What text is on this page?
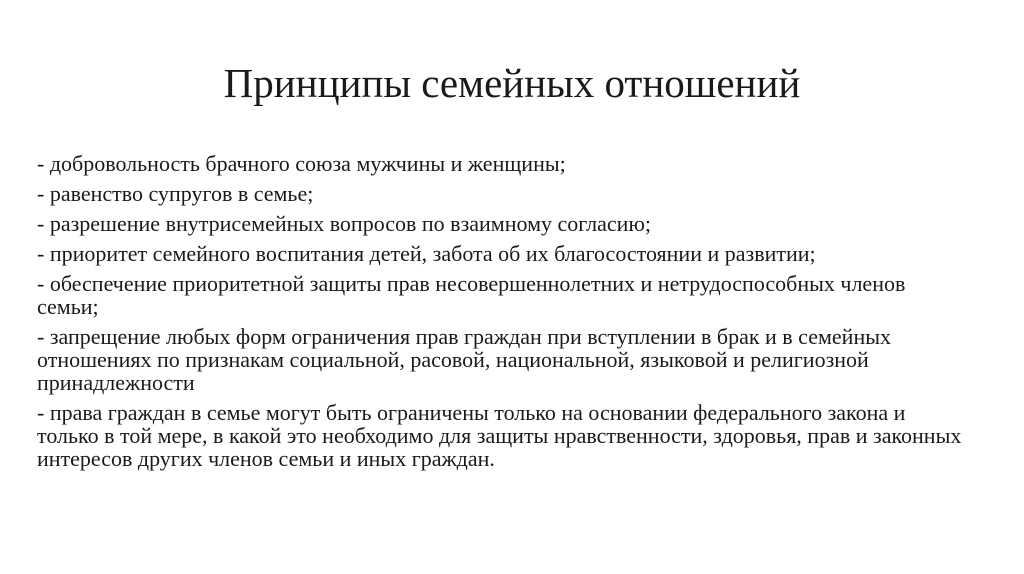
Принципы семейных отношений
- добровольность брачного союза мужчины и женщины;
- равенство супругов в семье;
- разрешение внутрисемейных вопросов по взаимному согласию;
- приоритет семейного воспитания детей, забота об их благосостоянии и развитии;
- обеспечение приоритетной защиты прав несовершеннолетних и нетрудоспособных членов семьи;
- запрещение любых форм ограничения прав граждан при вступлении в брак и в семейных отношениях по признакам социальной, расовой, национальной, языковой и религиозной принадлежности
- права граждан в семье могут быть ограничены только на основании федерального закона и только в той мере, в какой это необходимо для защиты нравственности, здоровья, прав и законных интересов других членов семьи и иных граждан.
